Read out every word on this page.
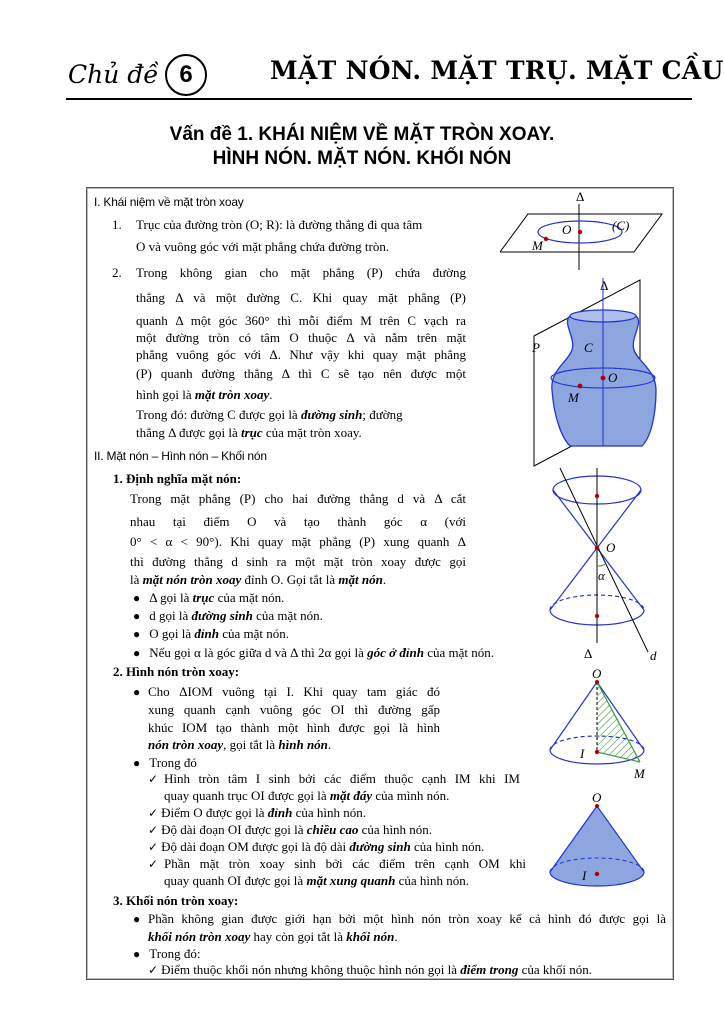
Chủ đề 6	MẶT NÓN. MẶT TRỤ. MẶT CẦU
Vấn đề 1. KHÁI NIỆM VỀ MẶT TRÒN XOAY.
HÌNH NÓN. MẶT NÓN. KHỐI NÓN
I. Khái niệm về mặt tròn xoay
1. Trục của đường tròn (O; R): là đường thẳng đi qua tâm
O và vuông góc với mặt phẳng chứa đường tròn.
2. Trong không gian cho mặt phẳng (P) chứa đường
thẳng Δ và một đường C. Khi quay mặt phẳng (P)
quanh Δ một góc 360° thì mỗi điểm M trên C vạch ra
một đường tròn có tâm O thuộc Δ và nằm trên mặt
phẳng vuông góc với Δ. Như vậy khi quay mặt phẳng
(P) quanh đường thẳng Δ thì C sẽ tạo nên được một
hình gọi là mặt tròn xoay.
Trong đó: đường C được gọi là đường sinh; đường
thẳng Δ được gọi là trục của mặt tròn xoay.
II. Mặt nón – Hình nón – Khối nón
1. Định nghĩa mặt nón:
Trong mặt phẳng (P) cho hai đường thẳng d và Δ cắt
nhau tại điểm O và tạo thành góc α (với
0° < α < 90°). Khi quay mặt phẳng (P) xung quanh Δ
thì đường thẳng d sinh ra một mặt tròn xoay được gọi
là mặt nón tròn xoay đỉnh O. Gọi tắt là mặt nón.
●   Δ gọi là trục của mặt nón.
●   d gọi là đường sinh của mặt nón.
●   O gọi là đỉnh của mặt nón.
●   Nếu gọi α là góc giữa d và Δ thì 2α gọi là góc ở đỉnh của mặt nón.
2. Hình nón tròn xoay:
● Cho ΔIOM vuông tại I. Khi quay tam giác đó
xung quanh cạnh vuông góc OI thì đường gấp
khúc IOM tạo thành một hình được gọi là hình
nón tròn xoay, gọi tắt là hình nón.
●   Trong đó
✓ Hình tròn tâm I sinh bởi các điểm thuộc cạnh IM khi IM
quay quanh trục OI được gọi là mặt đáy của mình nón.
✓ Điểm O được gọi là đỉnh của hình nón.
✓ Độ dài đoạn OI được gọi là chiều cao của hình nón.
✓ Độ dài đoạn OM được gọi là độ dài đường sinh của hình nón.
✓ Phần mặt tròn xoay sinh bởi các điểm trên cạnh OM khi
quay quanh OI được gọi là mặt xung quanh của hình nón.
3. Khối nón tròn xoay:
● Phần không gian được giới hạn bởi một hình nón tròn xoay kể cả hình đó được gọi là
khối nón tròn xoay hay còn gọi tắt là khối nón.
●   Trong đó:
✓ Điểm thuộc khối nón nhưng không thuộc hình nón gọi là điểm trong của khối nón.
Δ
O	(C)
M
Δ
P	C
O
M
O
α
Δ	d
O
I
M
O
I
